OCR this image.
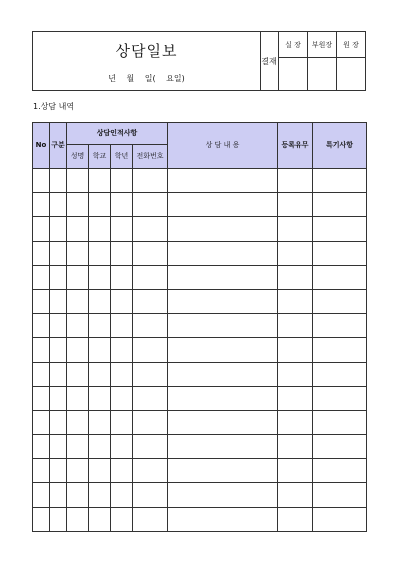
상담일보
년 월 일( 요일)
결재
실 장	부원장	원 장
1.상담 내역
No	구분	상담인적사항				상 담 내 용	등록유무	특기사항
		성명	학교	학년	전화번호			
